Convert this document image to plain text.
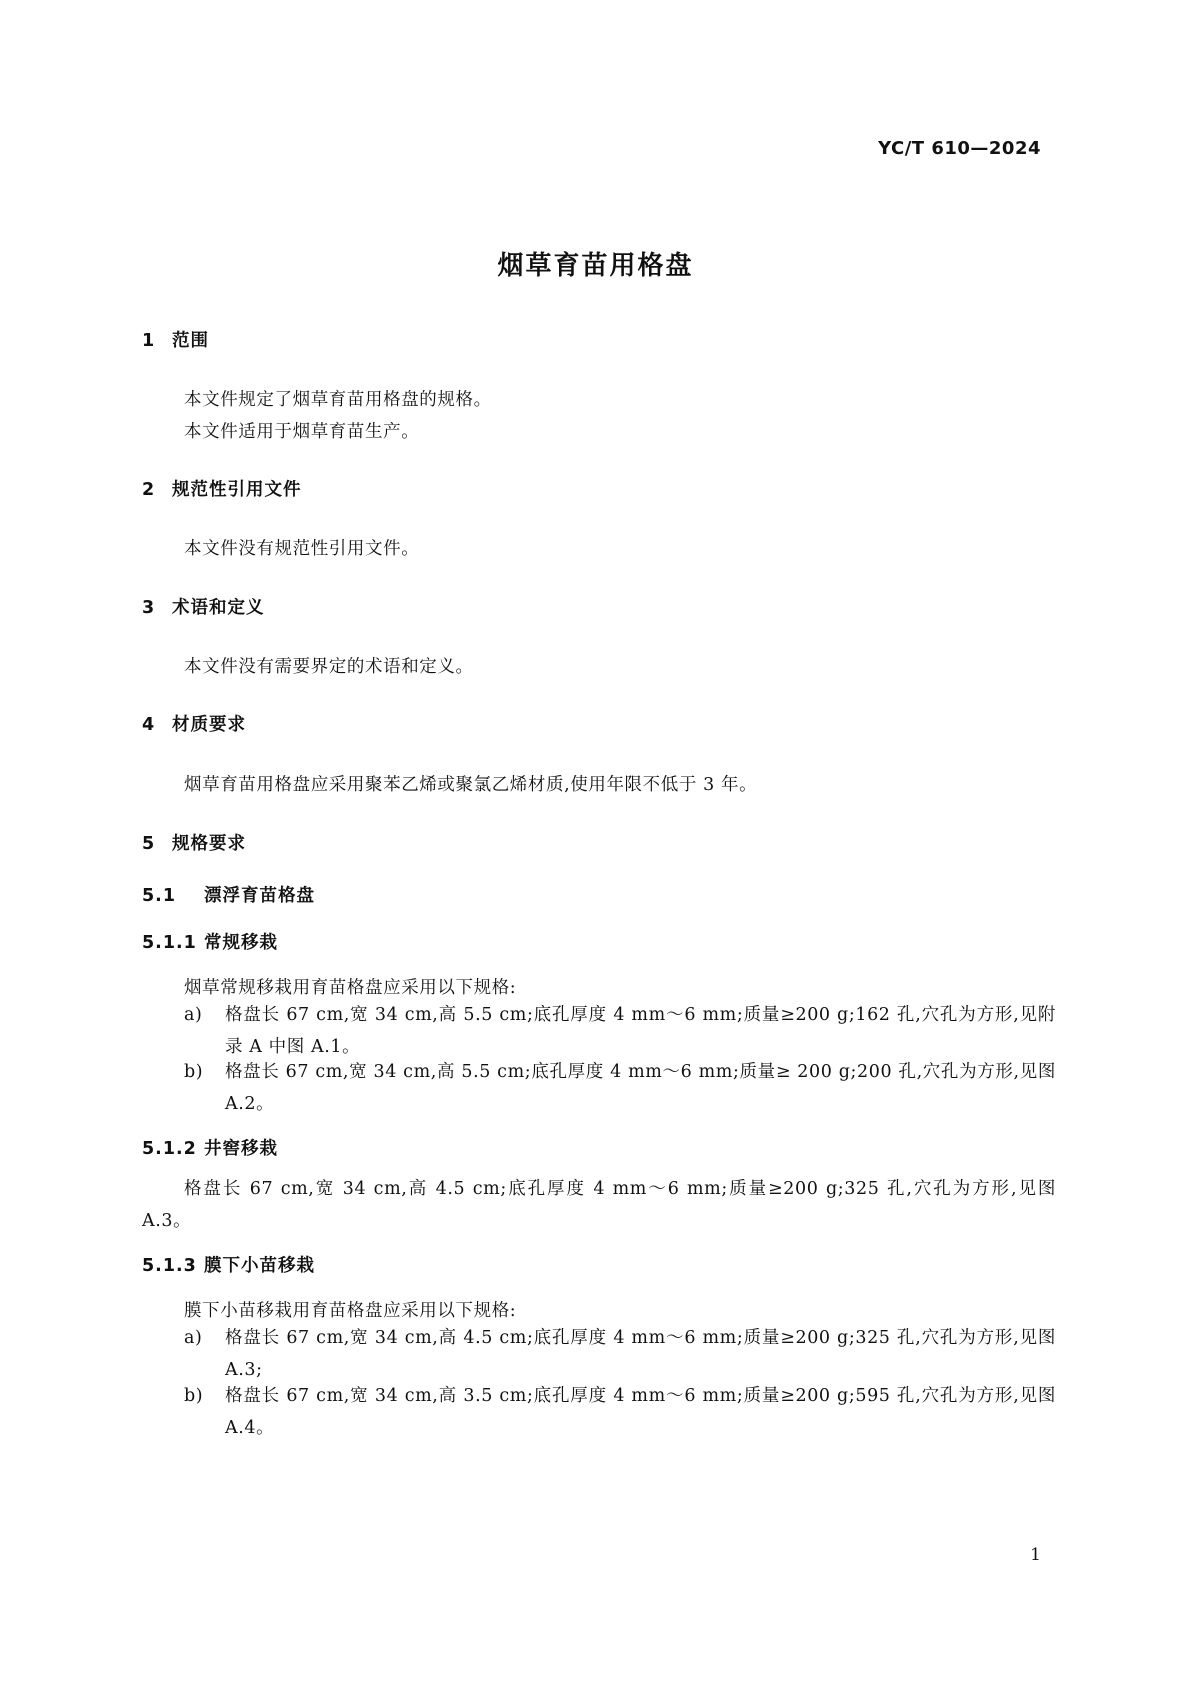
YC/T 610—2024
烟草育苗用格盘
1 范围
本文件规定了烟草育苗用格盘的规格。
本文件适用于烟草育苗生产。
2 规范性引用文件
本文件没有规范性引用文件。
3 术语和定义
本文件没有需要界定的术语和定义。
4 材质要求
烟草育苗用格盘应采用聚苯乙烯或聚氯乙烯材质,使用年限不低于 3 年。
5 规格要求
5.1 漂浮育苗格盘
5.1.1 常规移栽
烟草常规移栽用育苗格盘应采用以下规格:
a)	格盘长 67 cm,宽 34 cm,高 5.5 cm;底孔厚度 4 mm～6 mm;质量≥200 g;162 孔,穴孔为方形,见附录 A 中图 A.1。
b)	格盘长 67 cm,宽 34 cm,高 5.5 cm;底孔厚度 4 mm～6 mm;质量≥ 200 g;200 孔,穴孔为方形,见图 A.2。
5.1.2 井窖移栽
格盘长 67 cm,宽 34 cm,高 4.5 cm;底孔厚度 4 mm～6 mm;质量≥200 g;325 孔,穴孔为方形,见图 A.3。
5.1.3 膜下小苗移栽
膜下小苗移栽用育苗格盘应采用以下规格:
a)	格盘长 67 cm,宽 34 cm,高 4.5 cm;底孔厚度 4 mm～6 mm;质量≥200 g;325 孔,穴孔为方形,见图 A.3;
b)	格盘长 67 cm,宽 34 cm,高 3.5 cm;底孔厚度 4 mm～6 mm;质量≥200 g;595 孔,穴孔为方形,见图 A.4。
1
